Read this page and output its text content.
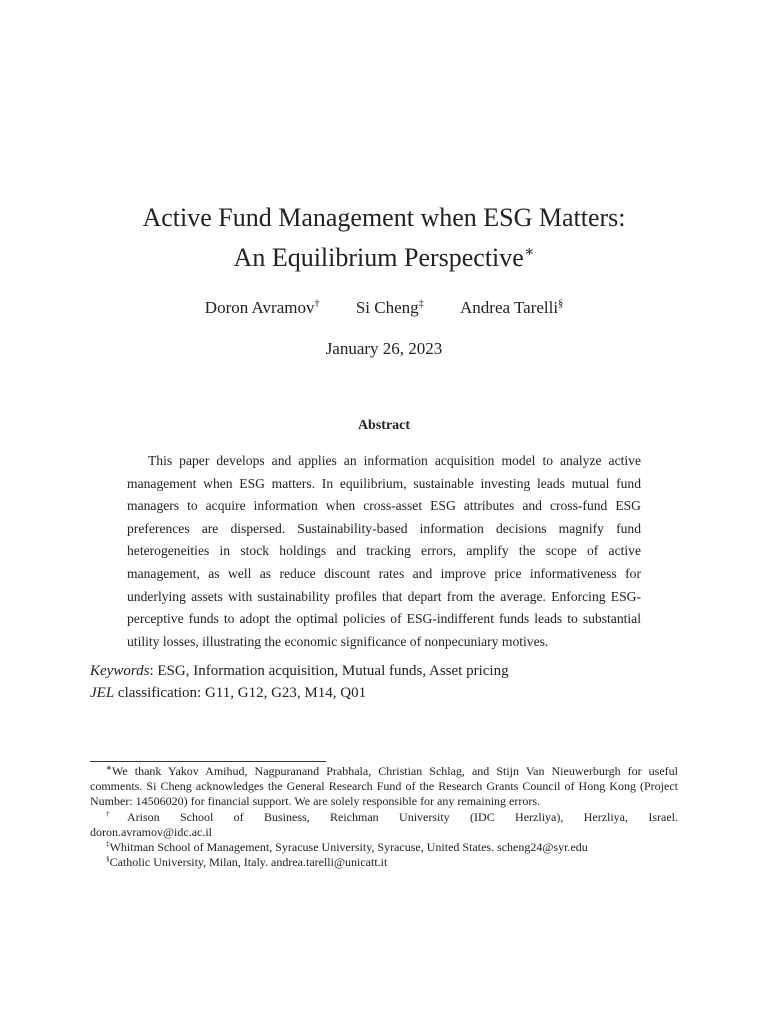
Active Fund Management when ESG Matters:
An Equilibrium Perspective∗
Doron Avramov† Si Cheng‡ Andrea Tarelli§
January 26, 2023
Abstract
This paper develops and applies an information acquisition model to analyze active management when ESG matters. In equilibrium, sustainable investing leads mutual fund managers to acquire information when cross-asset ESG attributes and cross-fund ESG preferences are dispersed. Sustainability-based information decisions magnify fund heterogeneities in stock holdings and tracking errors, amplify the scope of active management, as well as reduce discount rates and improve price informativeness for underlying assets with sustainability profiles that depart from the average. Enforcing ESG-perceptive funds to adopt the optimal policies of ESG-indifferent funds leads to substantial utility losses, illustrating the economic significance of nonpecuniary motives.
Keywords: ESG, Information acquisition, Mutual funds, Asset pricing
JEL classification: G11, G12, G23, M14, Q01

∗We thank Yakov Amihud, Nagpuranand Prabhala, Christian Schlag, and Stijn Van Nieuwerburgh for useful comments. Si Cheng acknowledges the General Research Fund of the Research Grants Council of Hong Kong (Project Number: 14506020) for financial support. We are solely responsible for any remaining errors.

†Arison School of Business, Reichman University (IDC Herzliya), Herzliya, Israel.

doron.avramov@idc.ac.il

‡Whitman School of Management, Syracuse University, Syracuse, United States. scheng24@syr.edu

§Catholic University, Milan, Italy. andrea.tarelli@unicatt.it
